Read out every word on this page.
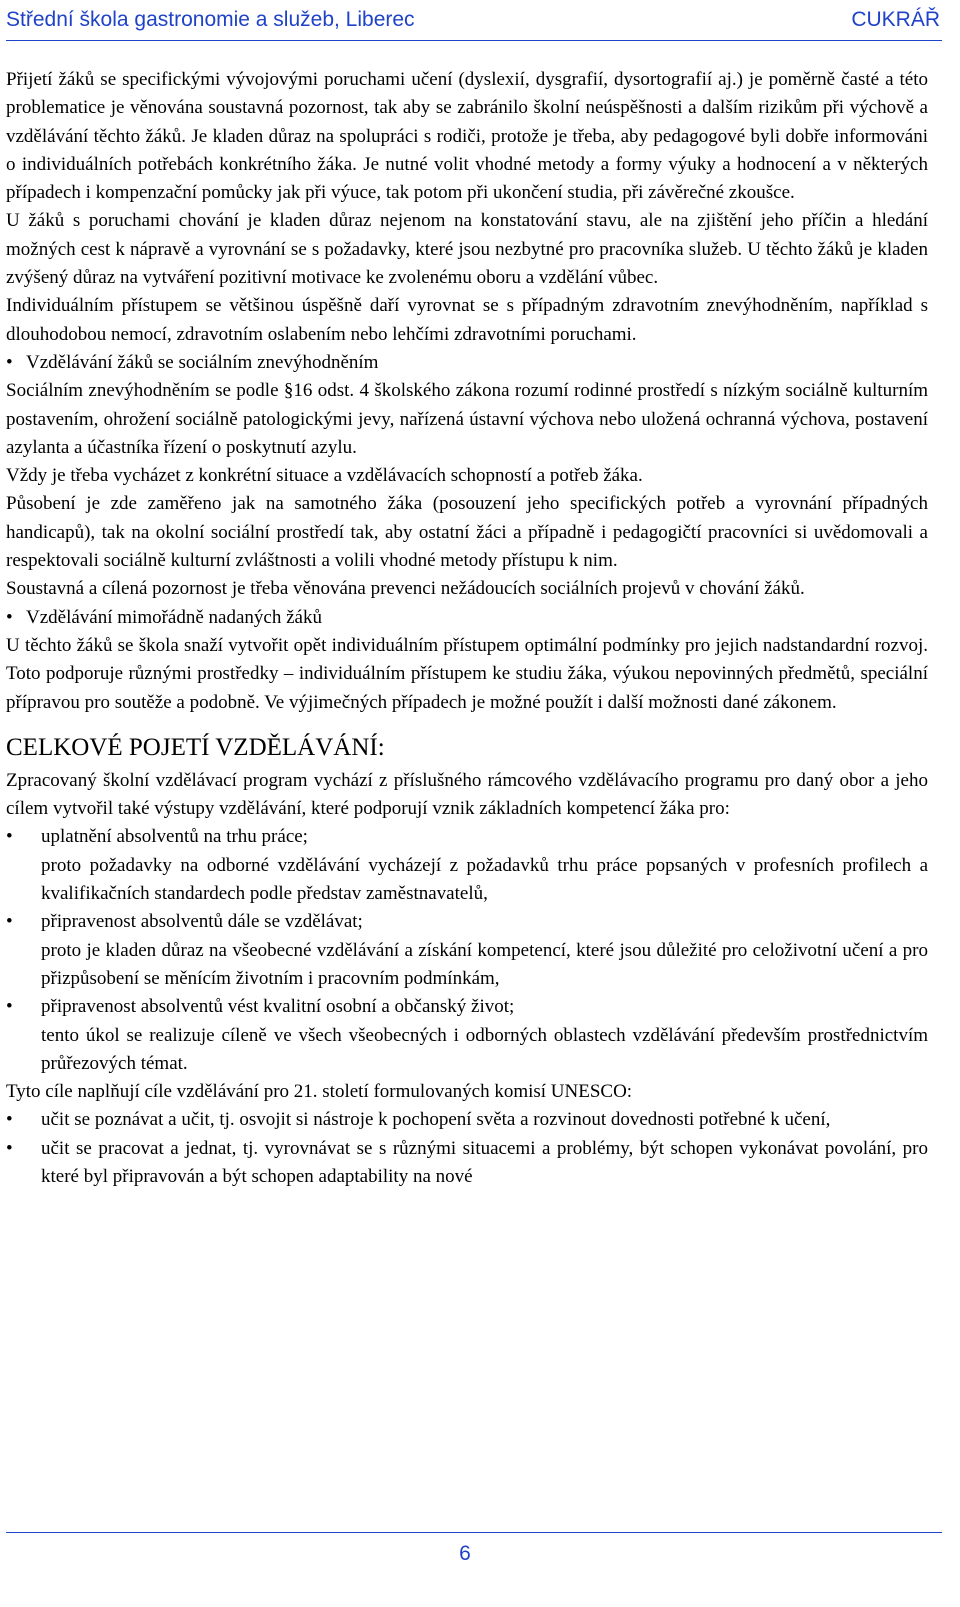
Střední škola gastronomie a služeb, Liberec	CUKRÁŘ

Přijetí žáků se specifickými vývojovými poruchami učení (dyslexií, dysgrafií, dysortografií aj.) je poměrně časté a této problematice je věnována soustavná pozornost, tak aby se zabránilo školní neúspěšnosti a dalším rizikům při výchově a vzdělávání těchto žáků. Je kladen důraz na spolupráci s rodiči, protože je třeba, aby pedagogové byli dobře informováni o individuálních potřebách konkrétního žáka. Je nutné volit vhodné metody a formy výuky a hodnocení a v některých případech i kompenzační pomůcky jak při výuce, tak potom při ukončení studia, při závěrečné zkoušce.

U žáků s poruchami chování je kladen důraz nejenom na konstatování stavu, ale na zjištění jeho příčin a hledání možných cest k nápravě a vyrovnání se s požadavky, které jsou nezbytné pro pracovníka služeb. U těchto žáků je kladen zvýšený důraz na vytváření pozitivní motivace ke zvolenému oboru a vzdělání vůbec.

Individuálním přístupem se většinou úspěšně daří vyrovnat se s případným zdravotním znevýhodněním, například s dlouhodobou nemocí, zdravotním oslabením nebo lehčími zdravotními poruchami.

• Vzdělávání žáků se sociálním znevýhodněním

Sociálním znevýhodněním se podle §16 odst. 4 školského zákona rozumí rodinné prostředí s nízkým sociálně kulturním postavením, ohrožení sociálně patologickými jevy, nařízená ústavní výchova nebo uložená ochranná výchova, postavení azylanta a účastníka řízení o poskytnutí azylu.

Vždy je třeba vycházet z konkrétní situace a vzdělávacích schopností a potřeb žáka.

Působení je zde zaměřeno jak na samotného žáka (posouzení jeho specifických potřeb a vyrovnání případných handicapů), tak na okolní sociální prostředí tak, aby ostatní žáci a případně i pedagogičtí pracovníci si uvědomovali a respektovali sociálně kulturní zvláštnosti a volili vhodné metody přístupu k nim.

Soustavná a cílená pozornost je třeba věnována prevenci nežádoucích sociálních projevů v chování žáků.

• Vzdělávání mimořádně nadaných žáků

U těchto žáků se škola snaží vytvořit opět individuálním přístupem optimální podmínky pro jejich nadstandardní rozvoj. Toto podporuje různými prostředky – individuálním přístupem ke studiu žáka, výukou nepovinných předmětů, speciální přípravou pro soutěže a podobně. Ve výjimečných případech je možné použít i další možnosti dané zákonem.

CELKOVÉ POJETÍ VZDĚLÁVÁNÍ:

Zpracovaný školní vzdělávací program vychází z příslušného rámcového vzdělávacího programu pro daný obor a jeho cílem vytvořil také výstupy vzdělávání, které podporují vznik základních kompetencí žáka pro:

• uplatnění absolventů na trhu práce;
proto požadavky na odborné vzdělávání vycházejí z požadavků trhu práce popsaných v profesních profilech a kvalifikačních standardech podle představ zaměstnavatelů,
• připravenost absolventů dále se vzdělávat;
proto je kladen důraz na všeobecné vzdělávání a získání kompetencí, které jsou důležité pro celoživotní učení a pro přizpůsobení se měnícím životním i pracovním podmínkám,
• připravenost absolventů vést kvalitní osobní a občanský život;
tento úkol se realizuje cíleně ve všech všeobecných i odborných oblastech vzdělávání především prostřednictvím průřezových témat.

Tyto cíle naplňují cíle vzdělávání pro 21. století formulovaných komisí UNESCO:

• učit se poznávat a učit, tj. osvojit si nástroje k pochopení světa a rozvinout dovednosti potřebné k učení,
• učit se pracovat a jednat, tj. vyrovnávat se s různými situacemi a problémy, být schopen vykonávat povolání, pro které byl připravován a být schopen adaptability na nové
6
